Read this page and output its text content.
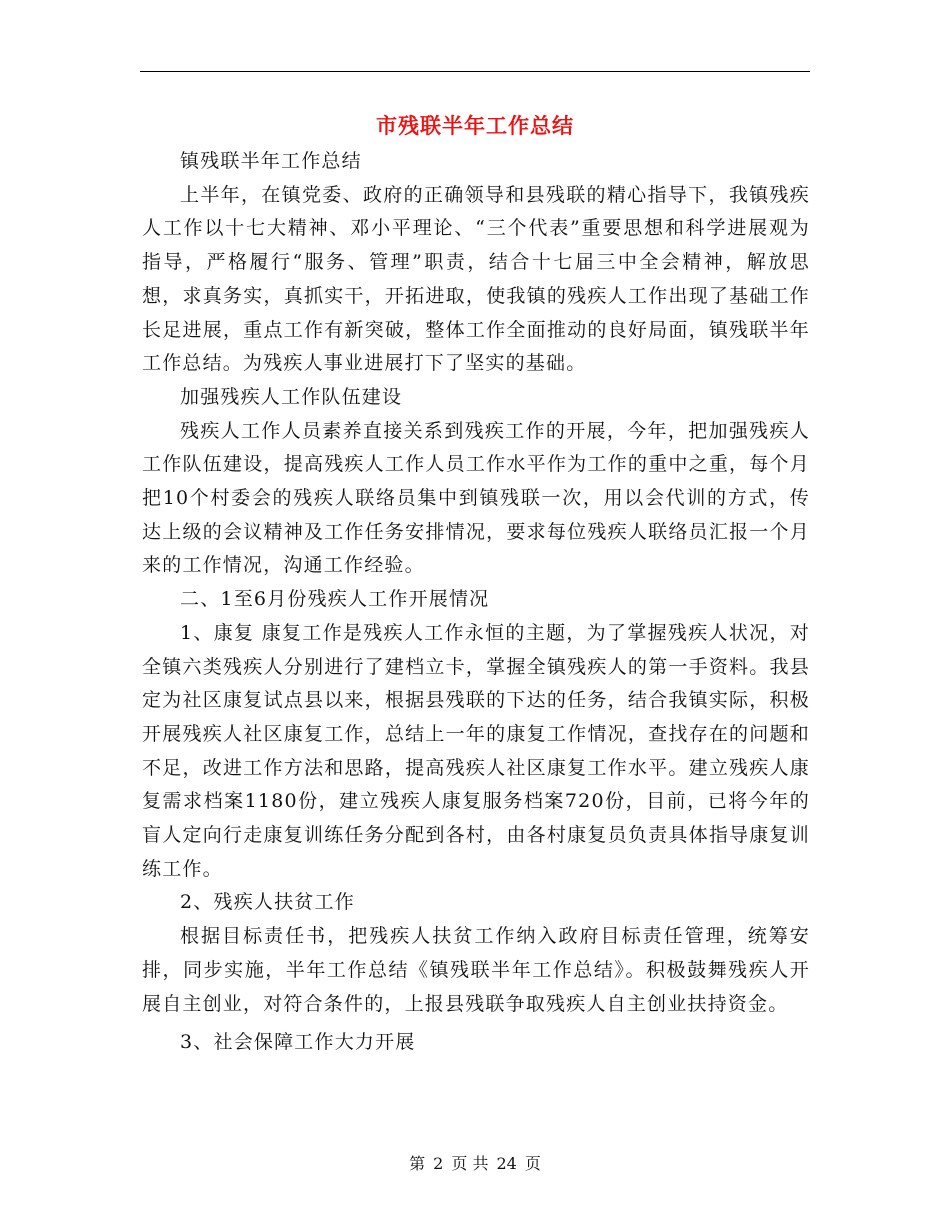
市残联半年工作总结

镇残联半年工作总结

上半年，在镇党委、政府的正确领导和县残联的精心指导下，我镇残疾人工作以十七大精神、邓小平理论、“三个代表”重要思想和科学进展观为指导，严格履行“服务、管理”职责，结合十七届三中全会精神，解放思想，求真务实，真抓实干，开拓进取，使我镇的残疾人工作出现了基础工作长足进展，重点工作有新突破，整体工作全面推动的良好局面，镇残联半年工作总结。为残疾人事业进展打下了坚实的基础。

加强残疾人工作队伍建设

残疾人工作人员素养直接关系到残疾工作的开展，今年，把加强残疾人工作队伍建设，提高残疾人工作人员工作水平作为工作的重中之重，每个月把10个村委会的残疾人联络员集中到镇残联一次，用以会代训的方式，传达上级的会议精神及工作任务安排情况，要求每位残疾人联络员汇报一个月来的工作情况，沟通工作经验。

二、1至6月份残疾人工作开展情况

1、康复 康复工作是残疾人工作永恒的主题，为了掌握残疾人状况，对全镇六类残疾人分别进行了建档立卡，掌握全镇残疾人的第一手资料。我县定为社区康复试点县以来，根据县残联的下达的任务，结合我镇实际，积极开展残疾人社区康复工作，总结上一年的康复工作情况，查找存在的问题和不足，改进工作方法和思路，提高残疾人社区康复工作水平。建立残疾人康复需求档案1180份，建立残疾人康复服务档案720份，目前，已将今年的盲人定向行走康复训练任务分配到各村，由各村康复员负责具体指导康复训练工作。

2、残疾人扶贫工作

根据目标责任书，把残疾人扶贫工作纳入政府目标责任管理，统筹安排，同步实施，半年工作总结《镇残联半年工作总结》。积极鼓舞残疾人开展自主创业，对符合条件的，上报县残联争取残疾人自主创业扶持资金。

3、社会保障工作大力开展

第 2 页 共 24 页
